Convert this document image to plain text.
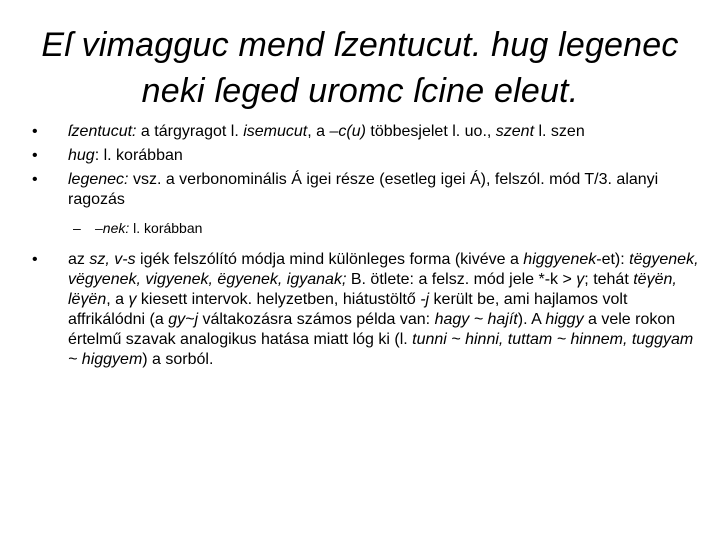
Eſ vimagguc mend ſzentucut. hug legenec neki ſeged uromc ſcine eleut.
•	ſzentucut: a tárgyragot l. isemucut, a –c(u) többesjelet l. uo., szent l. szen
•	hug: l. korábban
•	legenec: vsz. a verbonominális Á igei része (esetleg igei Á), felszól. mód T/3. alanyi ragozás
– –nek: l. korábban
•	az sz, v-s igék felszólító módja mind különleges forma (kivéve a higgyenek-et): tëgyenek, vëgyenek, vigyenek, ëgyenek, igyanak; B. ötlete: a felsz. mód jele *-k > γ; tehát tëγën, lëγën, a γ kiesett intervok. helyzetben, hiátustöltő -j került be, ami hajlamos volt affrikálódni (a gy~j váltakozásra számos példa van: hagy ~ hajít). A higgy a vele rokon értelmű szavak analogikus hatása miatt lóg ki (l. tunni ~ hinni, tuttam ~ hinnem, tuggyam ~ higgyem) a sorból.
